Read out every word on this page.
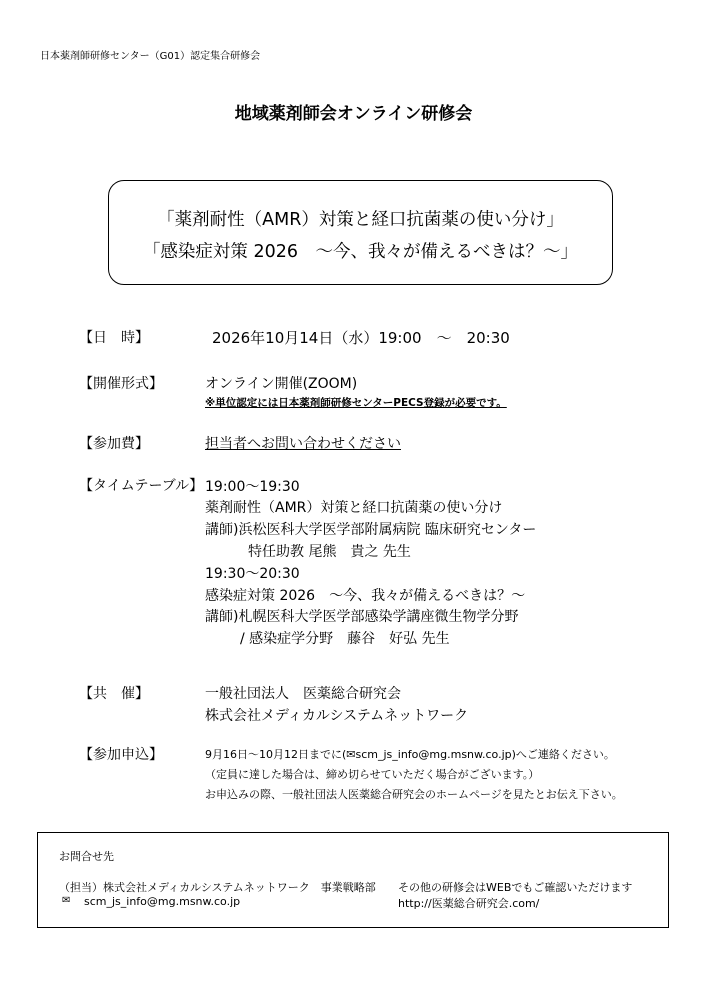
日本薬剤師研修センター（G01）認定集合研修会
地域薬剤師会オンライン研修会
「薬剤耐性（AMR）対策と経口抗菌薬の使い分け」
「感染症対策 2026　～今、我々が備えるべきは？～」
【日　時】	2026年10月14日（水）19:00　～　20:30
【開催形式】	オンライン開催(ZOOM)
※単位認定には日本薬剤師研修センターPECS登録が必要です。
【参加費】	担当者へお問い合わせください
【タイムテーブル】 19:00～19:30
薬剤耐性（AMR）対策と経口抗菌薬の使い分け
講師)浜松医科大学医学部附属病院 臨床研究センター
特任助教 尾熊　貴之 先生
19:30～20:30
感染症対策 2026　～今、我々が備えるべきは？～
講師)札幌医科大学医学部感染学講座微生物学分野
/ 感染症学分野　藤谷　好弘 先生
【共　催】	一般社団法人　医薬総合研究会
株式会社メディカルシステムネットワーク
【参加申込】	9月16日～10月12日までに(✉scm_js_info@mg.msnw.co.jp)へご連絡ください。
（定員に達した場合は、締め切らせていただく場合がございます。）
お申込みの際、一般社団法人医薬総合研究会のホームページを見たとお伝え下さい。
お問合せ先
（担当）株式会社メディカルシステムネットワーク　事業戦略部
✉ scm_js_info@mg.msnw.co.jp
その他の研修会はWEBでもご確認いただけます
http://医薬総合研究会.com/
